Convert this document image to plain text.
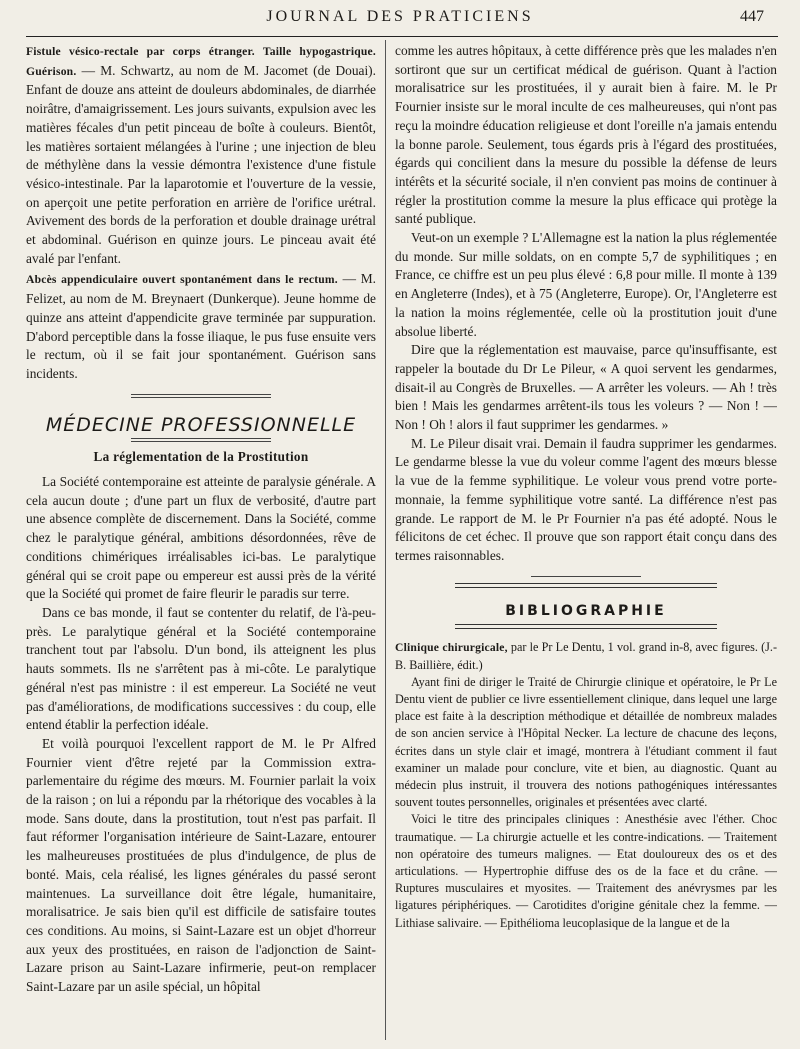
JOURNAL DES PRATICIENS	447

Fistule vésico-rectale par corps étranger. Taille hypogastrique. Guérison. — M. Schwartz, au nom de M. Jacomet (de Douai). Enfant de douze ans atteint de douleurs abdominales, de diarrhée noirâtre, d'amaigrissement. Les jours suivants, expulsion avec les matières fécales d'un petit pinceau de boîte à couleurs. Bientôt, les matières sortaient mélangées à l'urine ; une injection de bleu de méthylène dans la vessie démontra l'existence d'une fistule vésico-intestinale. Par la laparotomie et l'ouverture de la vessie, on aperçoit une petite perforation en arrière de l'orifice urétral. Avivement des bords de la perforation et double drainage urétral et abdominal. Guérison en quinze jours. Le pinceau avait été avalé par l'enfant.

Abcès appendiculaire ouvert spontanément dans le rectum. — M. Felizet, au nom de M. Breynaert (Dunkerque). Jeune homme de quinze ans atteint d'appendicite grave terminée par suppuration. D'abord perceptible dans la fosse iliaque, le pus fuse ensuite vers le rectum, où il se fait jour spontanément. Guérison sans incidents.

MÉDECINE PROFESSIONNELLE
La réglementation de la Prostitution

La Société contemporaine est atteinte de paralysie générale. A cela aucun doute ; d'une part un flux de verbosité, d'autre part une absence complète de discernement. Dans la Société, comme chez le paralytique général, ambitions désordonnées, rêve de conditions chimériques irréalisables ici-bas. Le paralytique général qui se croit pape ou empereur est aussi près de la vérité que la Société qui promet de faire fleurir le paradis sur terre.

Dans ce bas monde, il faut se contenter du relatif, de l'à-peu-près. Le paralytique général et la Société contemporaine tranchent tout par l'absolu. D'un bond, ils atteignent les plus hauts sommets. Ils ne s'arrêtent pas à mi-côte. Le paralytique général n'est pas ministre : il est empereur. La Société ne veut pas d'améliorations, de modifications successives : du coup, elle entend établir la perfection idéale.

Et voilà pourquoi l'excellent rapport de M. le Pr Alfred Fournier vient d'être rejeté par la Commission extra-parlementaire du régime des mœurs. M. Fournier parlait la voix de la raison ; on lui a répondu par la rhétorique des vocables à la mode. Sans doute, dans la prostitution, tout n'est pas parfait. Il faut réformer l'organisation intérieure de Saint-Lazare, entourer les malheureuses prostituées de plus d'indulgence, de plus de bonté. Mais, cela réalisé, les lignes générales du passé seront maintenues. La surveillance doit être légale, humanitaire, moralisatrice. Je sais bien qu'il est difficile de satisfaire toutes ces conditions. Au moins, si Saint-Lazare est un objet d'horreur aux yeux des prostituées, en raison de l'adjonction de Saint-Lazare prison au Saint-Lazare infirmerie, peut-on remplacer Saint-Lazare par un asile spécial, un hôpital

comme les autres hôpitaux, à cette différence près que les malades n'en sortiront que sur un certificat médical de guérison. Quant à l'action moralisatrice sur les prostituées, il y aurait bien à faire. M. le Pr Fournier insiste sur le moral inculte de ces malheureuses, qui n'ont pas reçu la moindre éducation religieuse et dont l'oreille n'a jamais entendu la bonne parole. Seulement, tous égards pris à l'égard des prostituées, égards qui concilient dans la mesure du possible la défense de leurs intérêts et la sécurité sociale, il n'en convient pas moins de continuer à régler la prostitution comme la mesure la plus efficace qui protège la santé publique.

Veut-on un exemple ? L'Allemagne est la nation la plus réglementée du monde. Sur mille soldats, on en compte 5,7 de syphilitiques ; en France, ce chiffre est un peu plus élevé : 6,8 pour mille. Il monte à 139 en Angleterre (Indes), et à 75 (Angleterre, Europe). Or, l'Angleterre est la nation la moins réglementée, celle où la prostitution jouit d'une absolue liberté.

Dire que la réglementation est mauvaise, parce qu'insuffisante, est rappeler la boutade du Dr Le Pileur, « A quoi servent les gendarmes, disait-il au Congrès de Bruxelles. — A arrêter les voleurs. — Ah ! très bien ! Mais les gendarmes arrêtent-ils tous les voleurs ? — Non ! — Non ! Oh ! alors il faut supprimer les gendarmes. »

M. Le Pileur disait vrai. Demain il faudra supprimer les gendarmes. Le gendarme blesse la vue du voleur comme l'agent des mœurs blesse la vue de la femme syphilitique. Le voleur vous prend votre porte-monnaie, la femme syphilitique votre santé. La différence n'est pas grande. Le rapport de M. le Pr Fournier n'a pas été adopté. Nous le félicitons de cet échec. Il prouve que son rapport était conçu dans des termes raisonnables.

BIBLIOGRAPHIE

Clinique chirurgicale, par le Pr Le Dentu, 1 vol. grand in-8, avec figures. (J.-B. Baillière, édit.)

Ayant fini de diriger le Traité de Chirurgie clinique et opératoire, le Pr Le Dentu vient de publier ce livre essentiellement clinique, dans lequel une large place est faite à la description méthodique et détaillée de nombreux malades de son ancien service à l'Hôpital Necker. La lecture de chacune des leçons, écrites dans un style clair et imagé, montrera à l'étudiant comment il faut examiner un malade pour conclure, vite et bien, au diagnostic. Quant au médecin plus instruit, il trouvera des notions pathogéniques intéressantes souvent toutes personnelles, originales et présentées avec clarté.

Voici le titre des principales cliniques : Anesthésie avec l'éther. Choc traumatique. — La chirurgie actuelle et les contre-indications. — Traitement non opératoire des tumeurs malignes. — Etat douloureux des os et des articulations. — Hypertrophie diffuse des os de la face et du crâne. — Ruptures musculaires et myosites. — Traitement des anévrysmes par les ligatures périphériques. — Carotidites d'origine génitale chez la femme. — Lithiase salivaire. — Epithélioma leucoplasique de la langue et de la
